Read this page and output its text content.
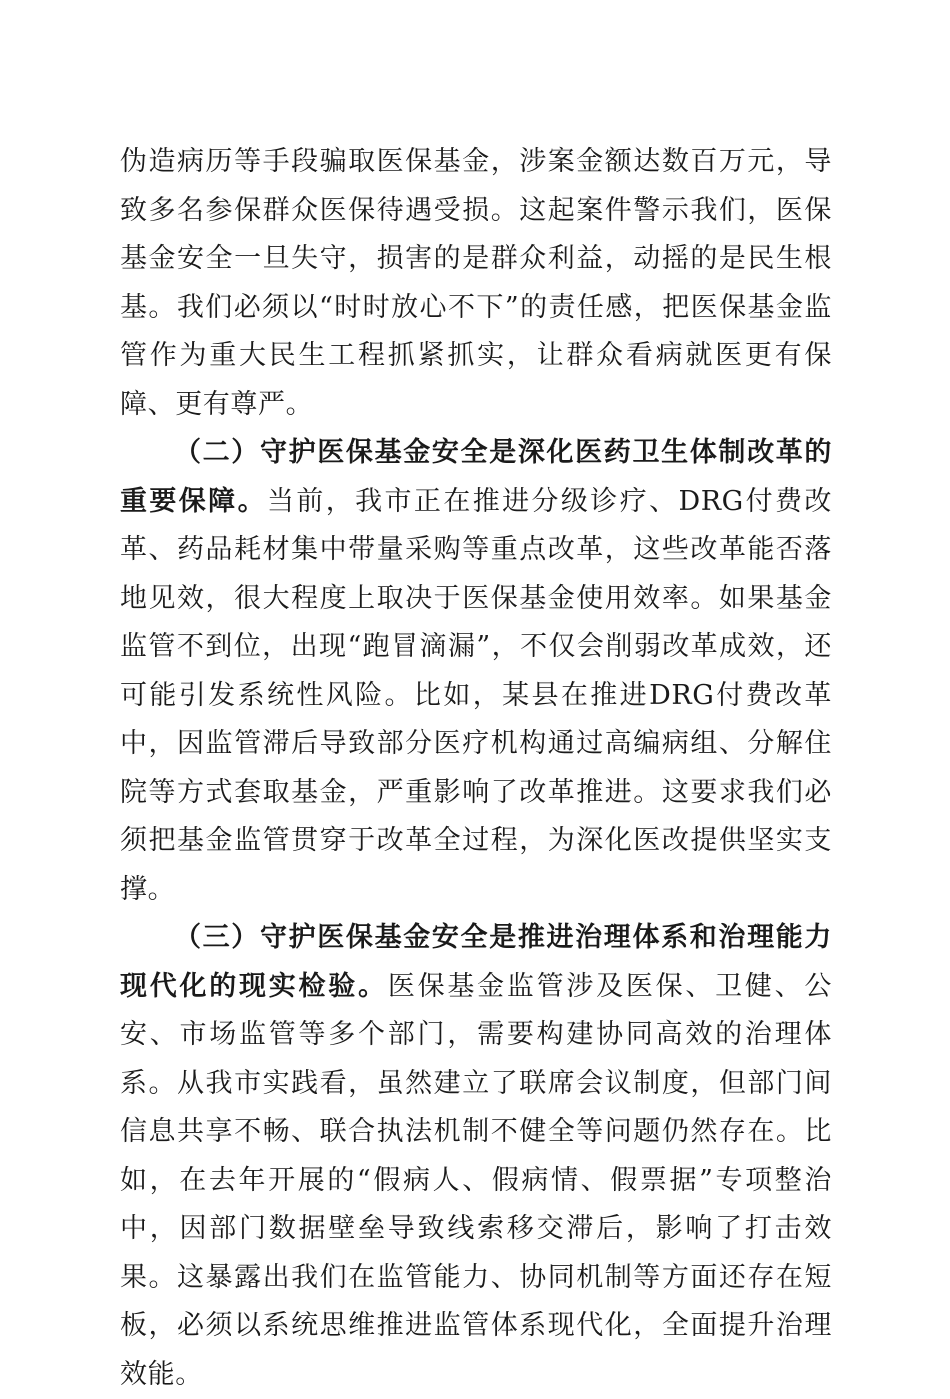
伪造病历等手段骗取医保基金，涉案金额达数百万元，导致多名参保群众医保待遇受损。这起案件警示我们，医保基金安全一旦失守，损害的是群众利益，动摇的是民生根基。我们必须以“时时放心不下”的责任感，把医保基金监管作为重大民生工程抓紧抓实，让群众看病就医更有保障、更有尊严。

（二）守护医保基金安全是深化医药卫生体制改革的重要保障。当前，我市正在推进分级诊疗、DRG付费改革、药品耗材集中带量采购等重点改革，这些改革能否落地见效，很大程度上取决于医保基金使用效率。如果基金监管不到位，出现“跑冒滴漏”，不仅会削弱改革成效，还可能引发系统性风险。比如，某县在推进DRG付费改革中，因监管滞后导致部分医疗机构通过高编病组、分解住院等方式套取基金，严重影响了改革推进。这要求我们必须把基金监管贯穿于改革全过程，为深化医改提供坚实支撑。

（三）守护医保基金安全是推进治理体系和治理能力现代化的现实检验。医保基金监管涉及医保、卫健、公安、市场监管等多个部门，需要构建协同高效的治理体系。从我市实践看，虽然建立了联席会议制度，但部门间信息共享不畅、联合执法机制不健全等问题仍然存在。比如，在去年开展的“假病人、假病情、假票据”专项整治中，因部门数据壁垒导致线索移交滞后，影响了打击效果。这暴露出我们在监管能力、协同机制等方面还存在短板，必须以系统思维推进监管体系现代化，全面提升治理效能。
